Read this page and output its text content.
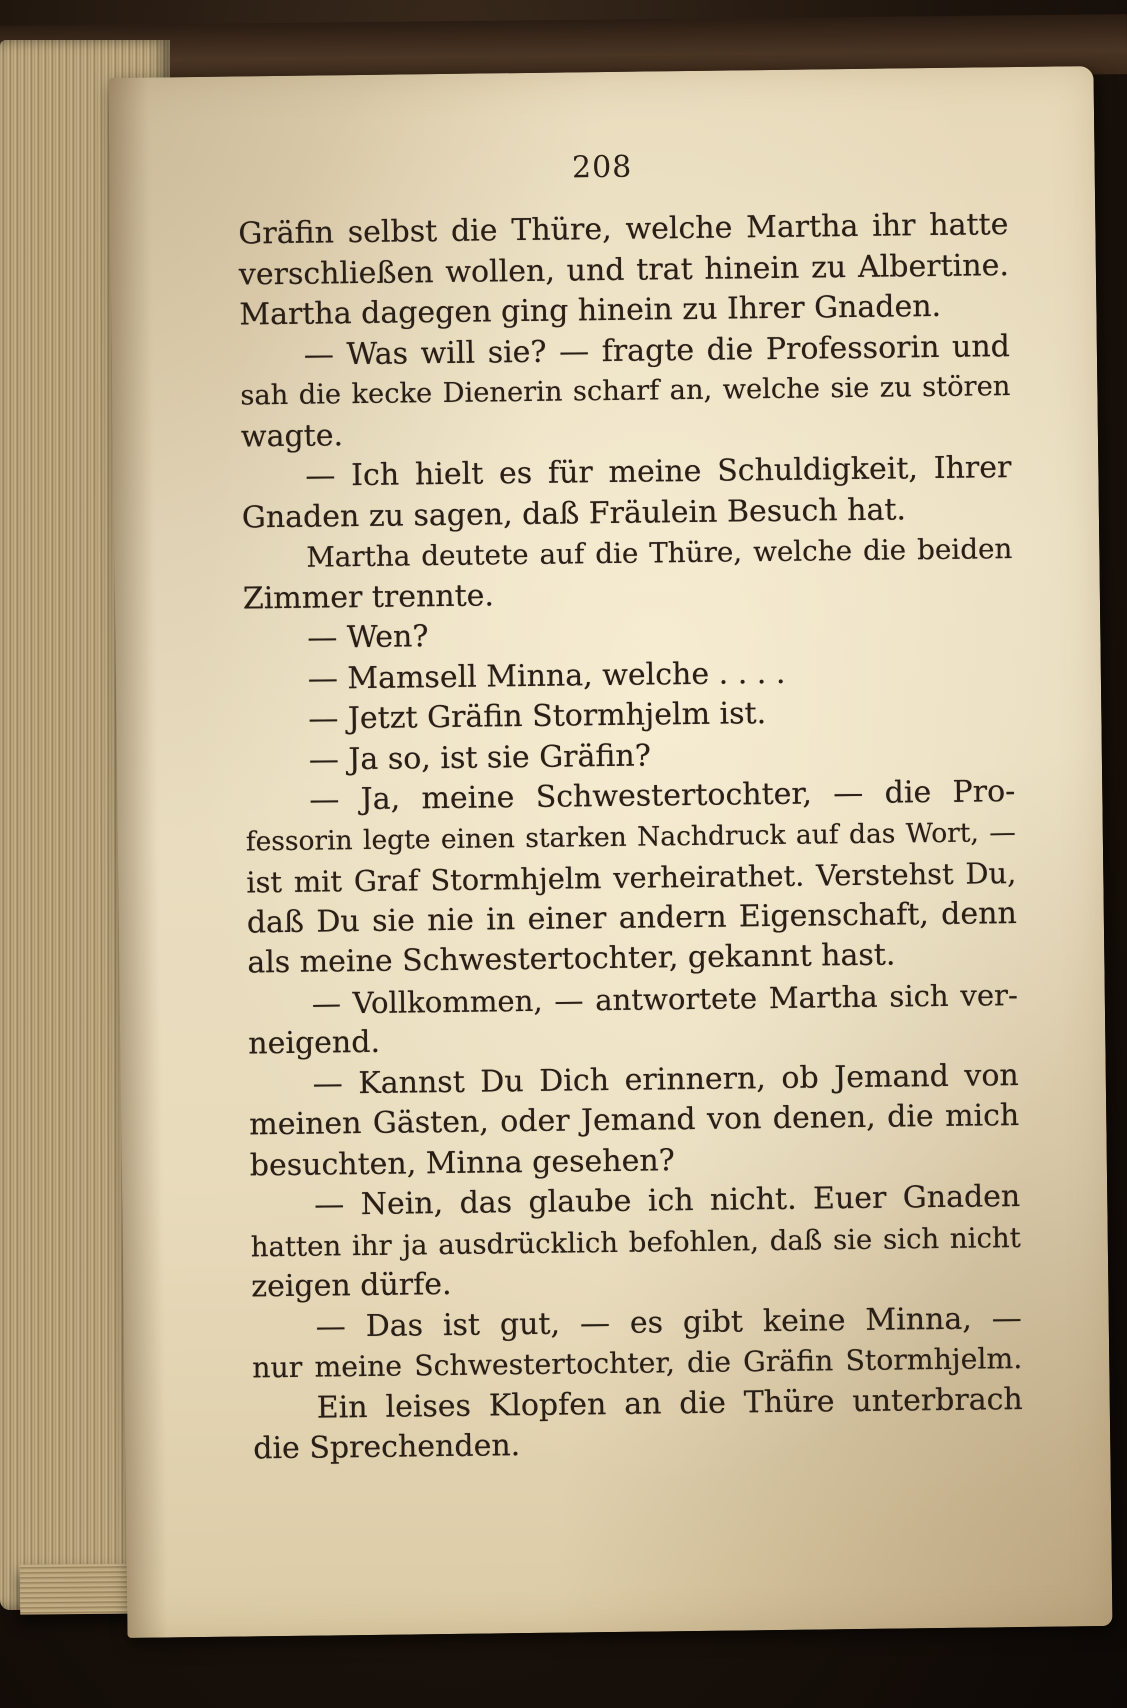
208
Gräfin selbst die Thüre, welche Martha ihr hatte
verschließen wollen, und trat hinein zu Albertine.
Martha dagegen ging hinein zu Ihrer Gnaden.
— Was will sie? — fragte die Professorin und
sah die kecke Dienerin scharf an, welche sie zu stören
wagte.
— Ich hielt es für meine Schuldigkeit, Ihrer
Gnaden zu sagen, daß Fräulein Besuch hat.
Martha deutete auf die Thüre, welche die beiden
Zimmer trennte.
— Wen?
— Mamsell Minna, welche . . . .
— Jetzt Gräfin Stormhjelm ist.
— Ja so, ist sie Gräfin?
— Ja, meine Schwestertochter, — die Pro-
fessorin legte einen starken Nachdruck auf das Wort, —
ist mit Graf Stormhjelm verheirathet. Verstehst Du,
daß Du sie nie in einer andern Eigenschaft, denn
als meine Schwestertochter, gekannt hast.
— Vollkommen, — antwortete Martha sich ver-
neigend.
— Kannst Du Dich erinnern, ob Jemand von
meinen Gästen, oder Jemand von denen, die mich
besuchten, Minna gesehen?
— Nein, das glaube ich nicht. Euer Gnaden
hatten ihr ja ausdrücklich befohlen, daß sie sich nicht
zeigen dürfe.
— Das ist gut, — es gibt keine Minna, —
nur meine Schwestertochter, die Gräfin Stormhjelm.
Ein leises Klopfen an die Thüre unterbrach
die Sprechenden.
